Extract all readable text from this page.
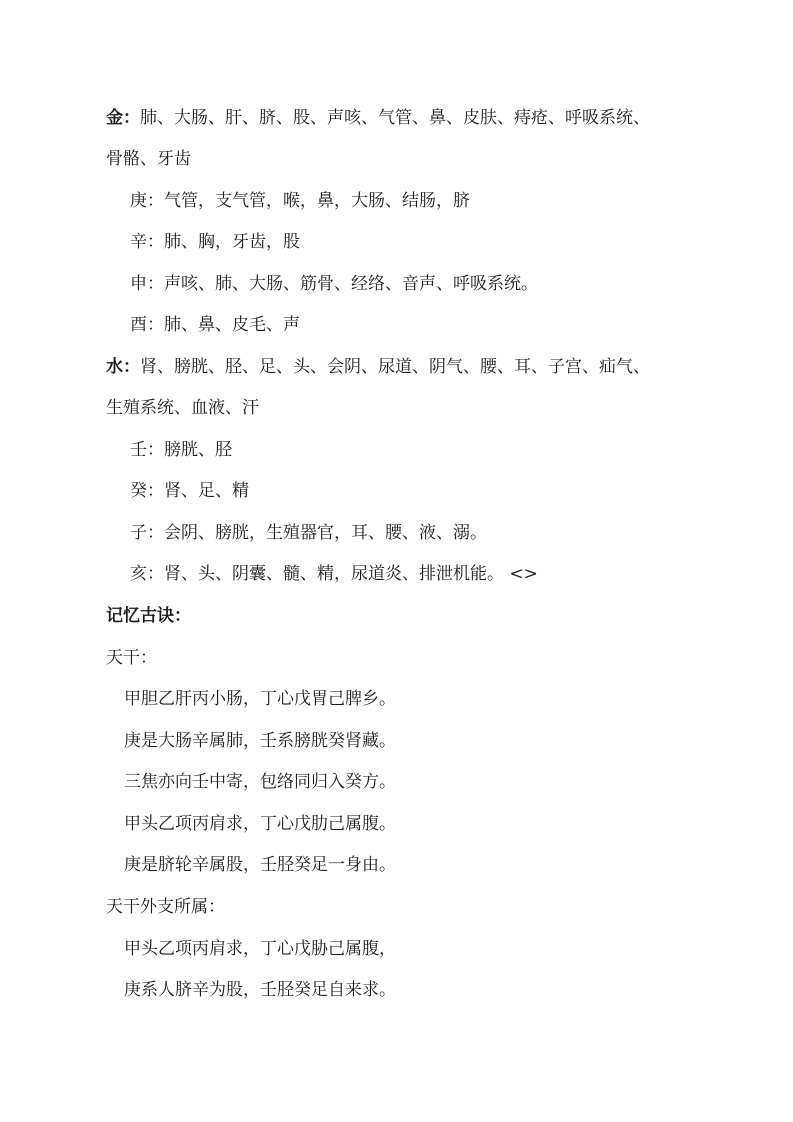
金：肺、大肠、肝、脐、股、声咳、气管、鼻、皮肤、痔疮、呼吸系统、
骨骼、牙齿
庚：气管，支气管，喉，鼻，大肠、结肠，脐
辛：肺、胸，牙齿，股
申：声咳、肺、大肠、筋骨、经络、音声、呼吸系统。
酉：肺、鼻、皮毛、声
水：肾、膀胱、胫、足、头、会阴、尿道、阴气、腰、耳、子宫、疝气、
生殖系统、血液、汗
壬：膀胱、胫
癸：肾、足、精
子：会阴、膀胱，生殖器官，耳、腰、液、溺。
亥：肾、头、阴囊、髓、精，尿道炎、排泄机能。 <>
记忆古诀：
天干：
甲胆乙肝丙小肠，丁心戊胃己脾乡。
庚是大肠辛属肺，壬系膀胱癸肾藏。
三焦亦向壬中寄，包络同归入癸方。
甲头乙项丙肩求，丁心戊肋己属腹。
庚是脐轮辛属股，壬胫癸足一身由。
天干外支所属：
甲头乙项丙肩求，丁心戊胁己属腹，
庚系人脐辛为股，壬胫癸足自来求。
